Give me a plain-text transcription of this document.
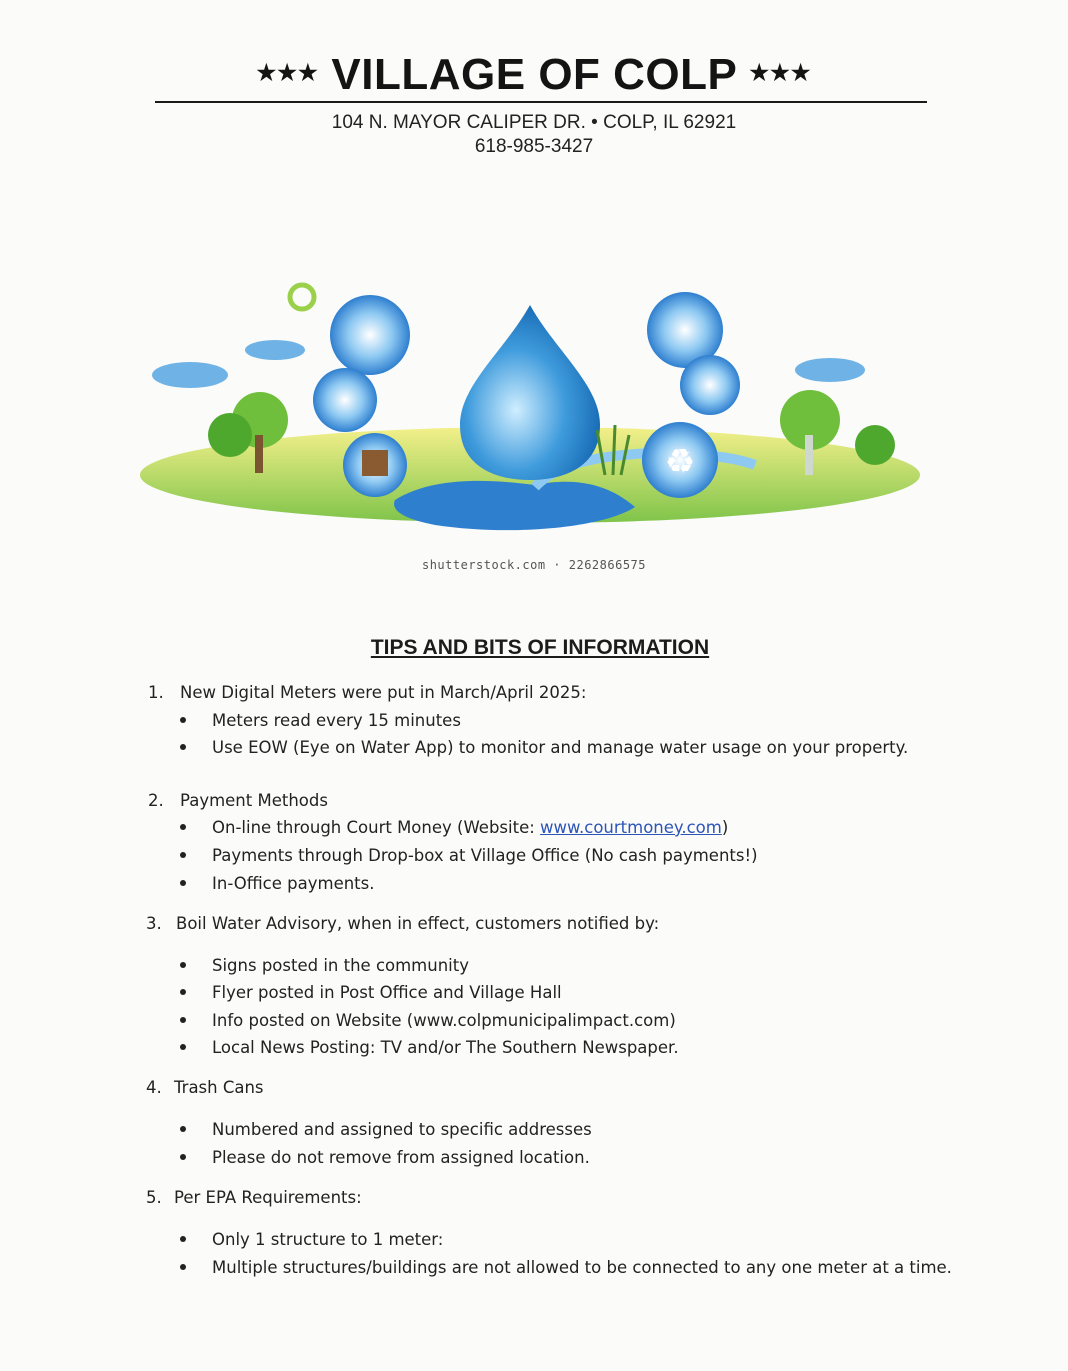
★★★ VILLAGE OF COLP ★★★
104 N. MAYOR CALIPER DR. • COLP, IL 62921
618-985-3427
♻
shutterstock.com · 2262866575
TIPS AND BITS OF INFORMATION
1. New Digital Meters were put in March/April 2025:
Meters read every 15 minutes
Use EOW (Eye on Water App) to monitor and manage water usage on your property.
2. Payment Methods
On-line through Court Money (Website: www.courtmoney.com)
Payments through Drop-box at Village Office (No cash payments!)
In-Office payments.
3. Boil Water Advisory, when in effect, customers notified by:
Signs posted in the community
Flyer posted in Post Office and Village Hall
Info posted on Website (www.colpmunicipalimpact.com)
Local News Posting: TV and/or The Southern Newspaper.
4. Trash Cans
Numbered and assigned to specific addresses
Please do not remove from assigned location.
5. Per EPA Requirements:
Only 1 structure to 1 meter:
Multiple structures/buildings are not allowed to be connected to any one meter at a time.
